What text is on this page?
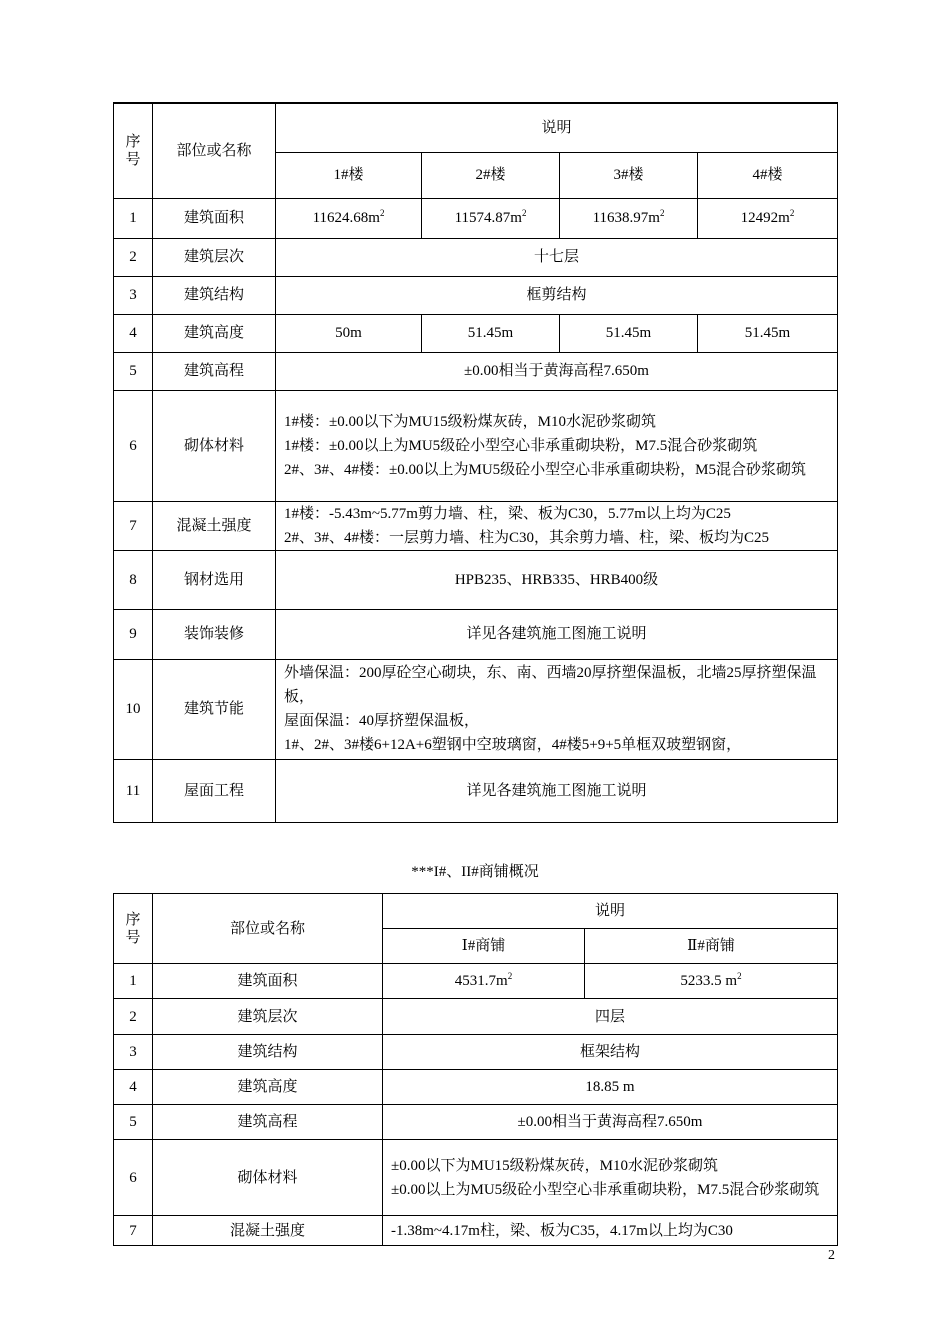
序号	部位或名称	说明			
		1#楼	2#楼	3#楼	4#楼
1	建筑面积	$11624.68m^2$	$11574.87m^2$	$11638.97m^2$	$12492m^2$
2	建筑层次	十七层			
3	建筑结构	框剪结构			
4	建筑高度	50m	51.45m	51.45m	51.45m
5	建筑高程	±0.00相当于黄海高程7.650m			
6	砌体材料	1#楼：±0.00以下为MU15级粉煤灰砖，M10水泥砂浆砌筑
1#楼：±0.00以上为MU5级砼小型空心非承重砌块粉，M7.5混合砂浆砌筑
2#、3#、4#楼：±0.00以上为MU5级砼小型空心非承重砌块粉，M5混合砂浆砌筑			

7	混凝土强度	1#楼：-5.43m~5.77m剪力墙、柱，梁、板为C30，5.77m以上均为C25
2#、3#、4#楼：一层剪力墙、柱为C30，其余剪力墙、柱，梁、板均为C25			

8	钢材选用	HPB235、HRB335、HRB400级			
9	装饰装修	详见各建筑施工图施工说明			
10	建筑节能	外墙保温：200厚砼空心砌块，东、南、西墙20厚挤塑保温板，北墙25厚挤塑保温板，
屋面保温：40厚挤塑保温板，
1#、2#、3#楼6+12A+6塑钢中空玻璃窗，4#楼5+9+5单框双玻塑钢窗，			

11	屋面工程	详见各建筑施工图施工说明			
***I#、II#商铺概况
序号	部位或名称	说明	
		Ⅰ#商铺	Ⅱ#商铺
1	建筑面积	$4531.7m^2$	5233.5 $m^2$
2	建筑层次	四层	
3	建筑结构	框架结构	
4	建筑高度	18.85 m	
5	建筑高程	±0.00相当于黄海高程7.650m	
6	砌体材料	±0.00以下为MU15级粉煤灰砖，M10水泥砂浆砌筑
±0.00以上为MU5级砼小型空心非承重砌块粉，M7.5混合砂浆砌筑	

7	混凝土强度	-1.38m~4.17m柱，梁、板为C35，4.17m以上均为C30	
2
